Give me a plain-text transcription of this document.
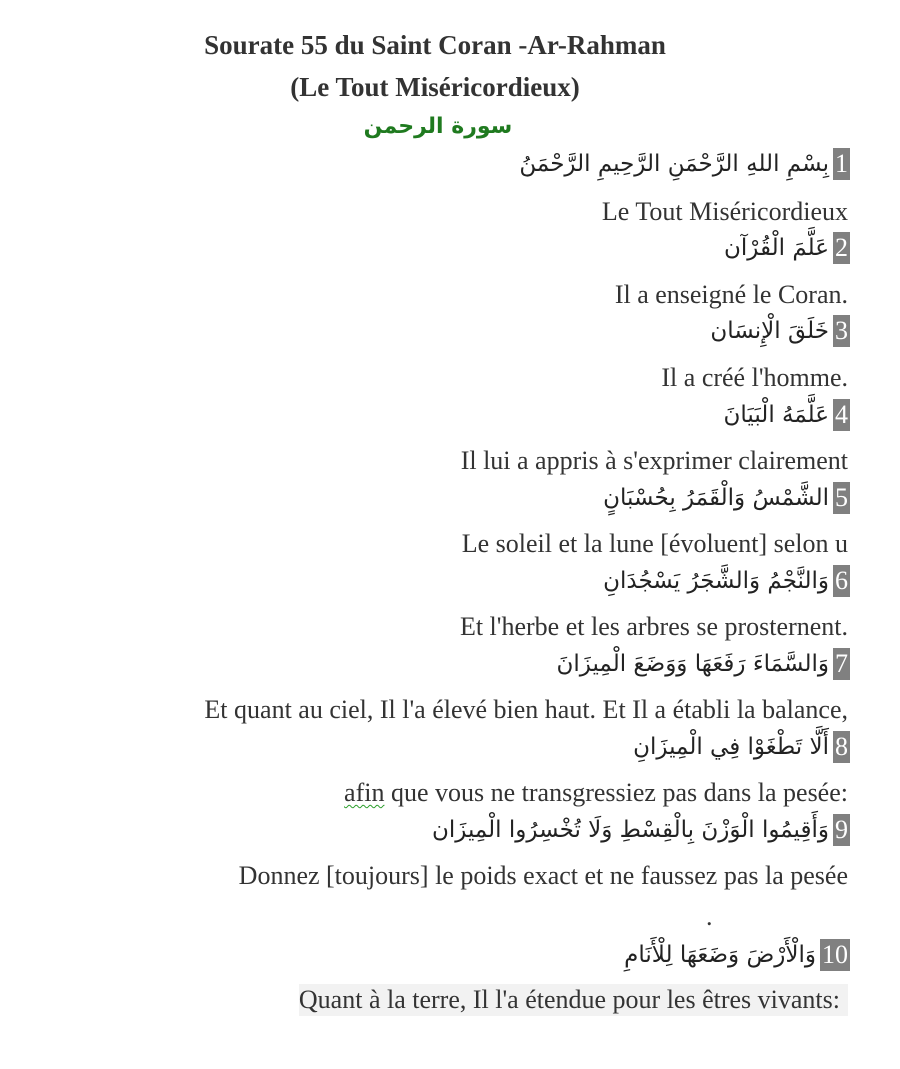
Sourate 55 du Saint Coran -Ar-Rahman
(Le Tout Miséricordieux)
سورة الرحمن
بِسْمِ اللهِ الرَّحْمَنِ الرَّحِيمِ الرَّحْمَنُ 1
Le Tout Miséricordieux
عَلَّمَ الْقُرْآن 2
Il a enseigné le Coran.
خَلَقَ الْإِنسَان 3
Il a créé l'homme.
عَلَّمَهُ الْبَيَانَ 4
Il lui a appris à s'exprimer clairement
الشَّمْسُ وَالْقَمَرُ بِحُسْبَانٍ 5
Le soleil et la lune [évoluent] selon u
وَالنَّجْمُ وَالشَّجَرُ يَسْجُدَانِ 6
Et l'herbe et les arbres se prosternent.
وَالسَّمَاءَ رَفَعَهَا وَوَضَعَ الْمِيزَانَ 7
Et quant au ciel, Il l'a élevé bien haut. Et Il a établi la balance,
أَلَّا تَطْغَوْا فِي الْمِيزَانِ 8
afin que vous ne transgressiez pas dans la pesée:
وَأَقِيمُوا الْوَزْنَ بِالْقِسْطِ وَلَا تُخْسِرُوا الْمِيزَان 9
Donnez [toujours] le poids exact et ne faussez pas la pesée
.
وَالْأَرْضَ وَضَعَهَا لِلْأَنَامِ 10
Quant à la terre, Il l'a étendue pour les êtres vivants:
